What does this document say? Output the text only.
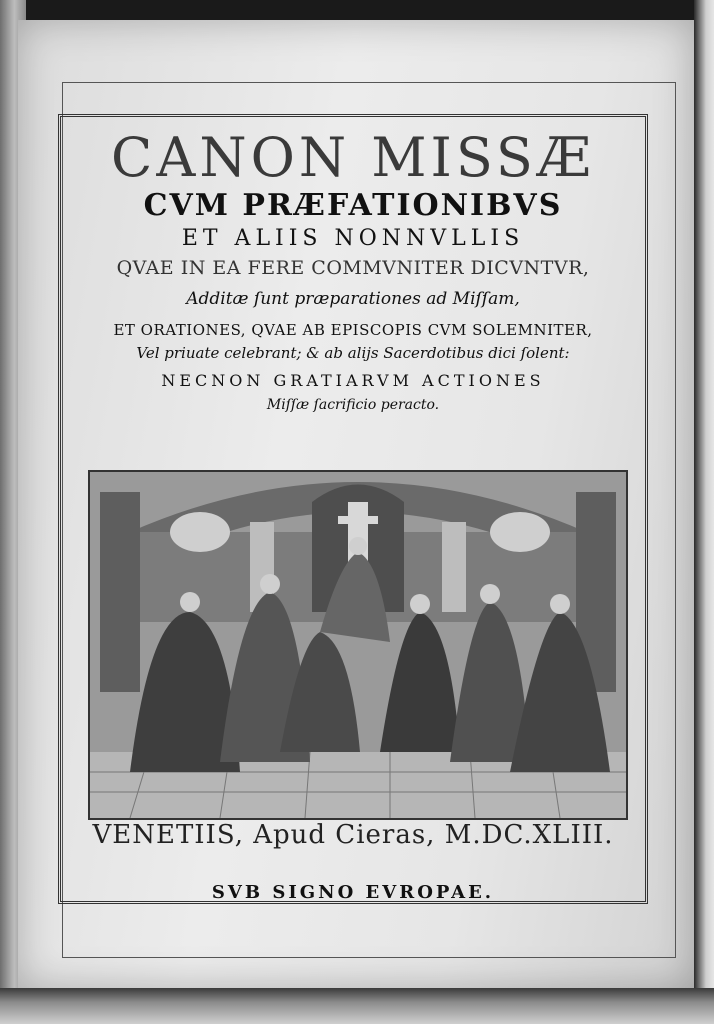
CANON MISSÆ
CVM PRÆFATIONIBVS
ET ALIIS NONNVLLIS
QVAE IN EA FERE COMMVNITER DICVNTVR,
Additæ ſunt præparationes ad Miſſam,
ET ORATIONES, QVAE AB EPISCOPIS CVM SOLEMNITER,
Vel priuate celebrant; & ab alijs Sacerdotibus dici ſolent:
NECNON GRATIARVM ACTIONES
Miſſæ ſacrificio peracto.
VENETIIS, Apud Cieras, M.DC.XLIII.
SVB SIGNO EVROPAE.
